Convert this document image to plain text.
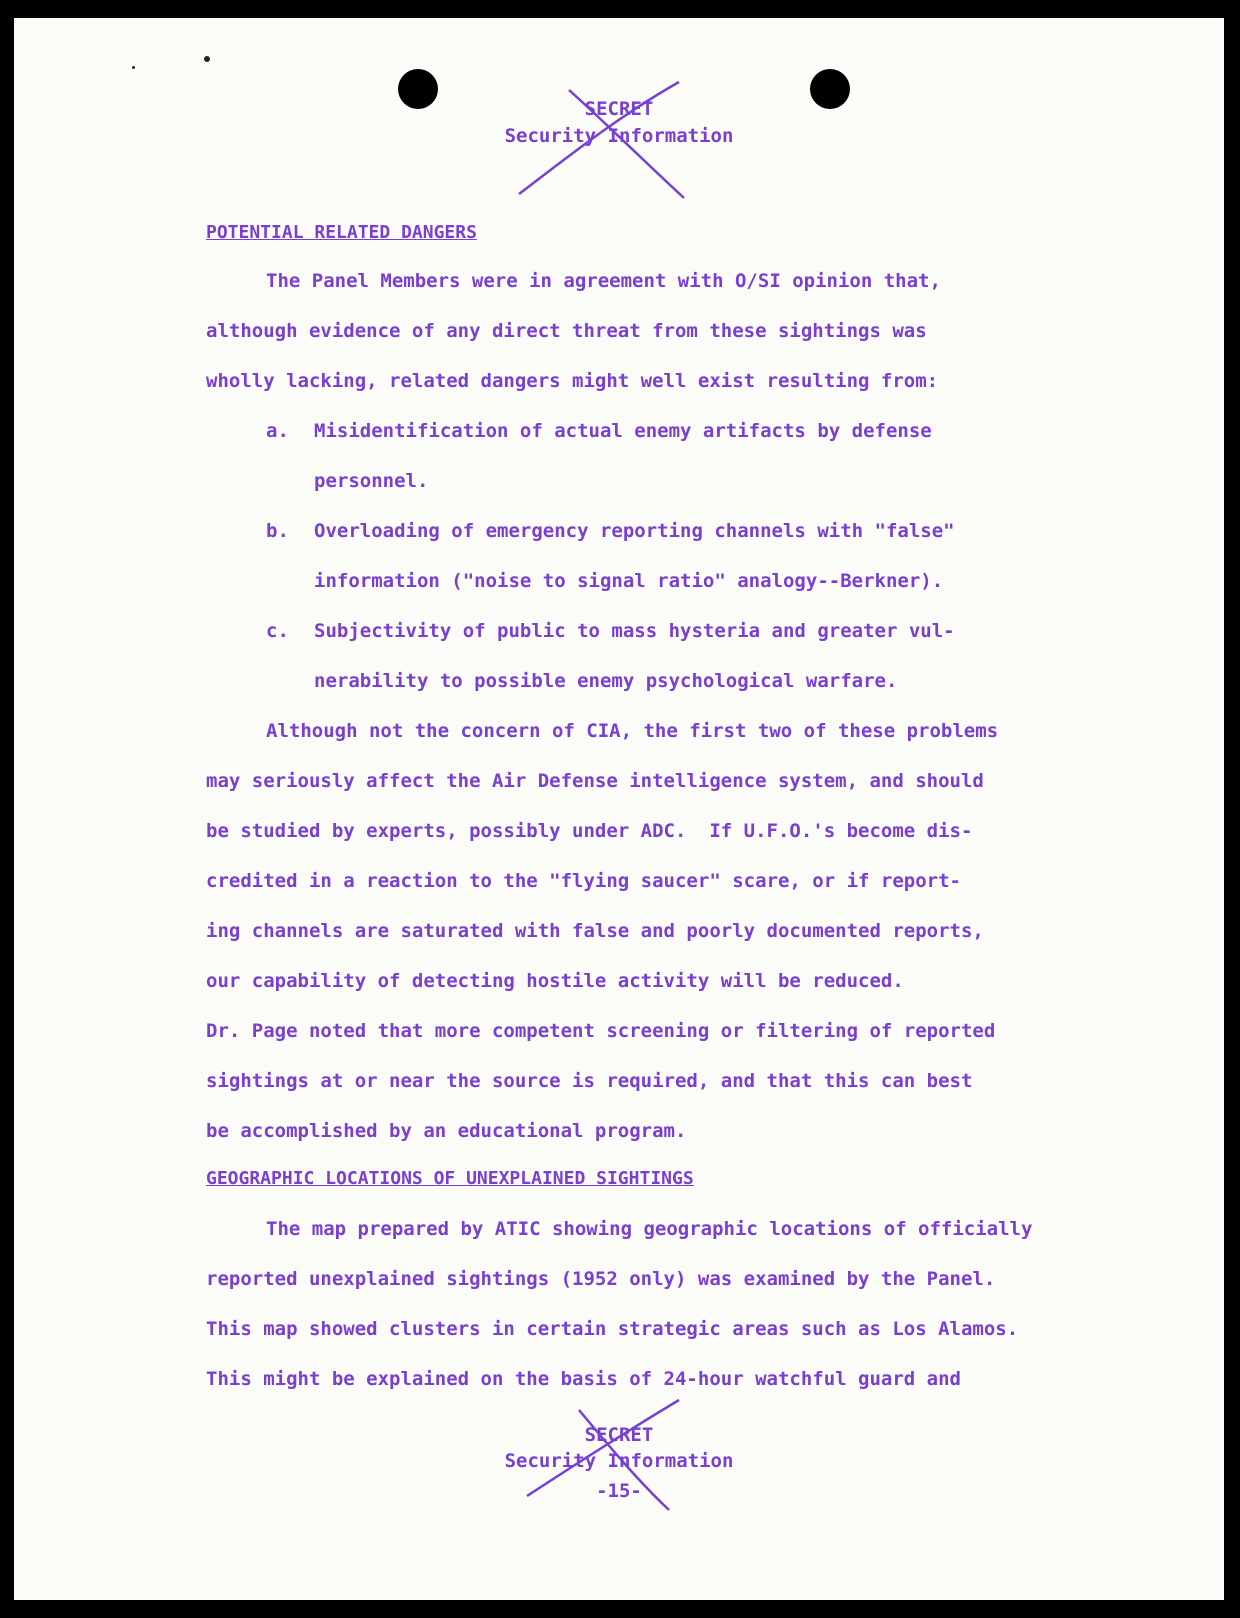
SECRET
Security Information
POTENTIAL RELATED DANGERS
The Panel Members were in agreement with O/SI opinion that,
although evidence of any direct threat from these sightings was
wholly lacking, related dangers might well exist resulting from:
a. Misidentification of actual enemy artifacts by defense
personnel.
b. Overloading of emergency reporting channels with "false"
information ("noise to signal ratio" analogy--Berkner).
c. Subjectivity of public to mass hysteria and greater vul-
nerability to possible enemy psychological warfare.
Although not the concern of CIA, the first two of these problems
may seriously affect the Air Defense intelligence system, and should
be studied by experts, possibly under ADC.  If U.F.O.'s become dis-
credited in a reaction to the "flying saucer" scare, or if report-
ing channels are saturated with false and poorly documented reports,
our capability of detecting hostile activity will be reduced.
Dr. Page noted that more competent screening or filtering of reported
sightings at or near the source is required, and that this can best
be accomplished by an educational program.
GEOGRAPHIC LOCATIONS OF UNEXPLAINED SIGHTINGS
The map prepared by ATIC showing geographic locations of officially
reported unexplained sightings (1952 only) was examined by the Panel.
This map showed clusters in certain strategic areas such as Los Alamos.
This might be explained on the basis of 24-hour watchful guard and
SECRET
Security Information
-15-
